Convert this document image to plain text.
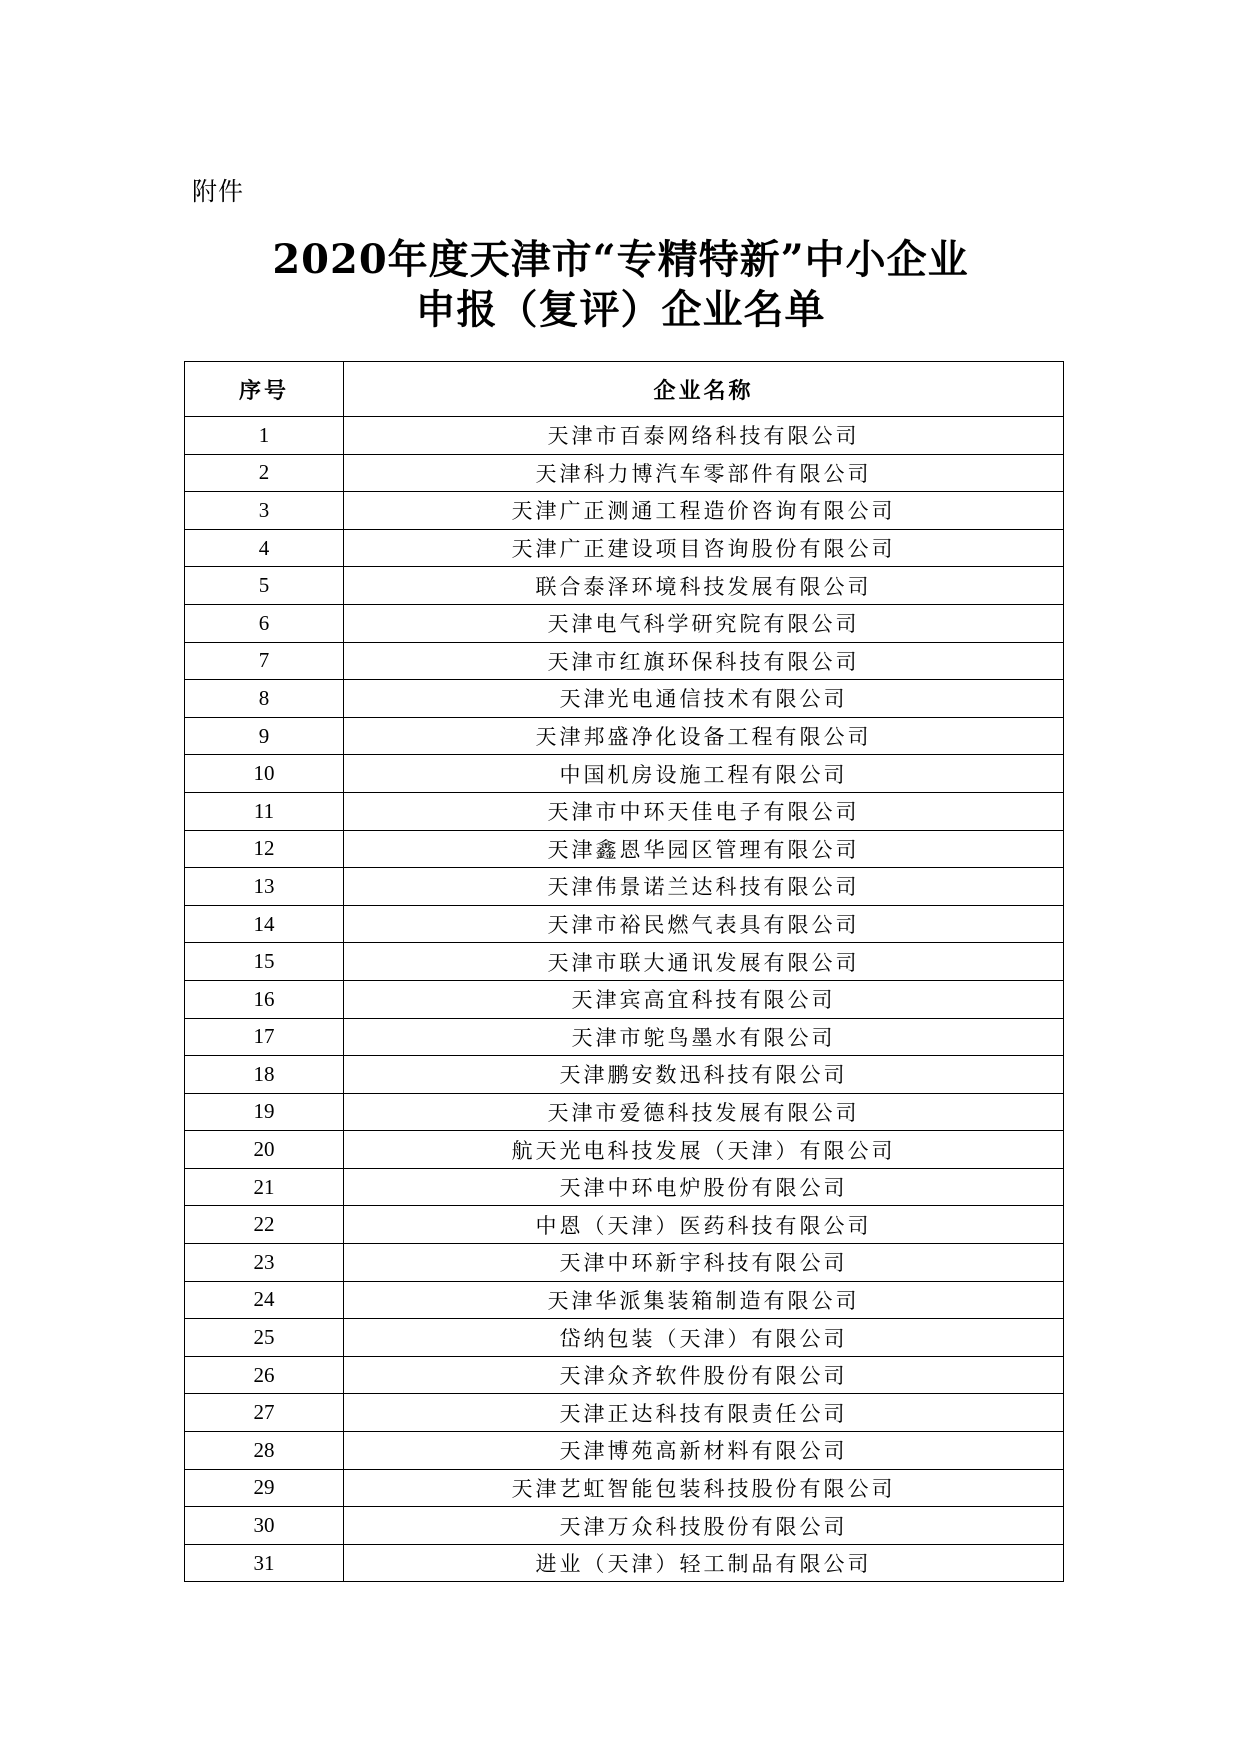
附件
2020年度天津市“专精特新”中小企业
申报（复评）企业名单
序号	企业名称
1	天津市百泰网络科技有限公司
2	天津科力博汽车零部件有限公司
3	天津广正测通工程造价咨询有限公司
4	天津广正建设项目咨询股份有限公司
5	联合泰泽环境科技发展有限公司
6	天津电气科学研究院有限公司
7	天津市红旗环保科技有限公司
8	天津光电通信技术有限公司
9	天津邦盛净化设备工程有限公司
10	中国机房设施工程有限公司
11	天津市中环天佳电子有限公司
12	天津鑫恩华园区管理有限公司
13	天津伟景诺兰达科技有限公司
14	天津市裕民燃气表具有限公司
15	天津市联大通讯发展有限公司
16	天津宾高宜科技有限公司
17	天津市鸵鸟墨水有限公司
18	天津鹏安数迅科技有限公司
19	天津市爱德科技发展有限公司
20	航天光电科技发展（天津）有限公司
21	天津中环电炉股份有限公司
22	中恩（天津）医药科技有限公司
23	天津中环新宇科技有限公司
24	天津华派集装箱制造有限公司
25	岱纳包装（天津）有限公司
26	天津众齐软件股份有限公司
27	天津正达科技有限责任公司
28	天津博苑高新材料有限公司
29	天津艺虹智能包装科技股份有限公司
30	天津万众科技股份有限公司
31	进业（天津）轻工制品有限公司
